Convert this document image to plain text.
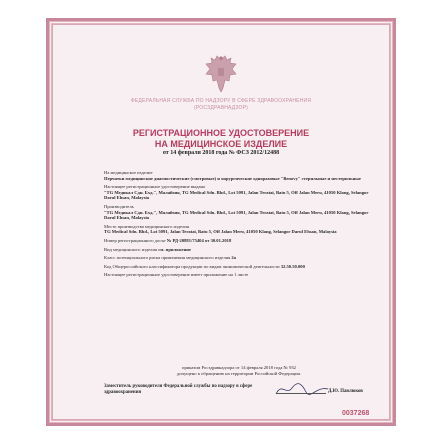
ФЕДЕРАЛЬНАЯ СЛУЖБА ПО НАДЗОРУ В СФЕРЕ ЗДРАВООХРАНЕНИЯ
(РОСЗДРАВНАДЗОР)
РЕГИСТРАЦИОННОЕ УДОСТОВЕРЕНИЕ
НА МЕДИЦИНСКОЕ ИЗДЕЛИЕ
от 14 февраля 2018 года № ФСЗ 2012/12488

На медицинское изделие
Перчатки медицинские диагностические (смотровые) и хирургические одноразовые "Benovy" стерильные и нестерильные

Настоящее регистрационное удостоверение выдано
"TG Медикал Сдн. Бхд.", Малайзия, TG Medical Sdn. Bhd., Lot 5091, Jalan Teratai, Batu 5, Off Jalan Meru, 41050 Klang, Selangor Darul Ehsan, Malaysia

Производитель
"TG Медикал Сдн. Бхд.", Малайзия, TG Medical Sdn. Bhd., Lot 5091, Jalan Teratai, Batu 5, Off Jalan Meru, 41050 Klang, Selangor Darul Ehsan, Malaysia

Место производства медицинского изделия
TG Medical Sdn. Bhd., Lot 5091, Jalan Teratai, Batu 5, Off Jalan Meru, 41050 Klang, Selangor Darul Ehsan, Malaysia

Номер регистрационного досье № РД-20881/75404 от 30.01.2018

Вид медицинского изделия см. приложение

Класс потенциального риска применения медицинского изделия 2а

Код Общероссийского классификатора продукции по видам экономической деятельности 32.50.50.000

Настоящее регистрационное удостоверение имеет приложение на 1 листе

приказом Росздравнадзора от 14 февраля 2018 года № 932

допущено к обращению на территории Российской Федерации.

Заместитель руководителя Федеральной службы по надзору в сфере здравоохранения	Д.Ю. Павлюков
0037268
